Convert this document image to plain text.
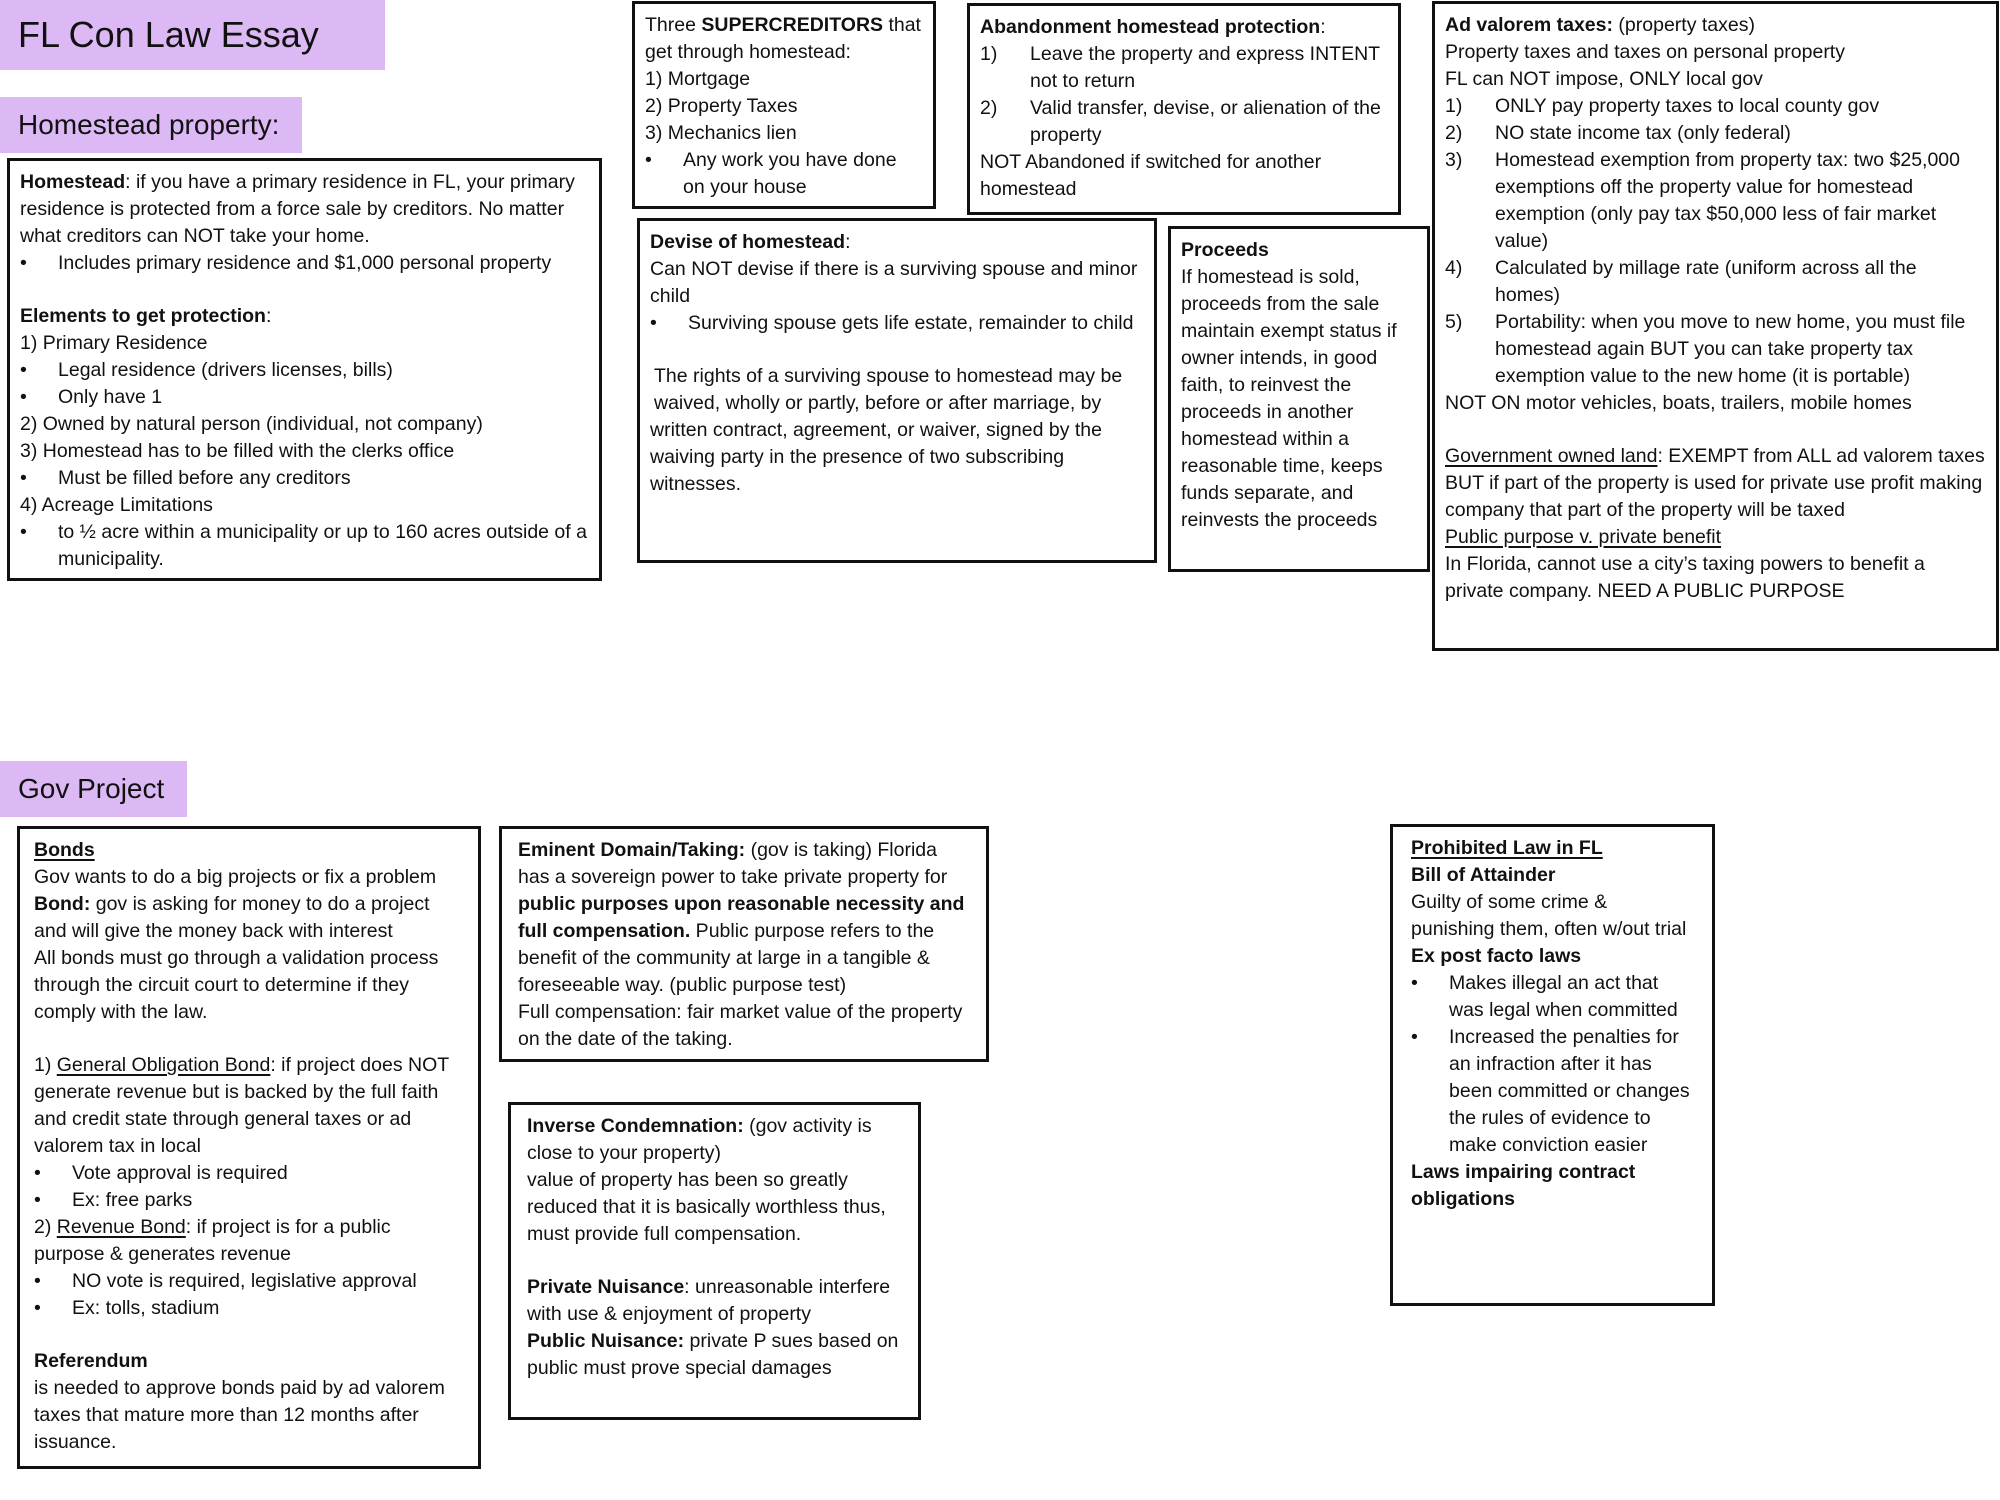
FL Con Law Essay
Homestead property:
Gov Project

Homestead: if you have a primary residence in FL, your primary residence is protected from a force sale by creditors. No matter what creditors can NOT take your home.

• Includes primary residence and $1,000 personal property

Elements to get protection:

1) Primary Residence

• Legal residence (drivers licenses, bills)

• Only have 1

2) Owned by natural person (individual, not company)

3) Homestead has to be filled with the clerks office

• Must be filled before any creditors

4) Acreage Limitations

• to ½ acre within a municipality or up to 160 acres outside of a municipality.

Three SUPERCREDITORS that get through homestead:

1) Mortgage

2) Property Taxes

3) Mechanics lien

• Any work you have done on your house

Abandonment homestead protection:

1) Leave the property and express INTENT not to return

2) Valid transfer, devise, or alienation of the property

NOT Abandoned if switched for another homestead

Devise of homestead:

Can NOT devise if there is a surviving spouse and minor child

• Surviving spouse gets life estate, remainder to child

The rights of a surviving spouse to homestead may be waived, wholly or partly, before or after marriage, by

written contract, agreement, or waiver, signed by the waiving party in the presence of two subscribing witnesses.

Proceeds

If homestead is sold, proceeds from the sale maintain exempt status if owner intends, in good faith, to reinvest the proceeds in another homestead within a reasonable time, keeps funds separate, and reinvests the proceeds

Ad valorem taxes: (property taxes)

Property taxes and taxes on personal property

FL can NOT impose, ONLY local gov

1) ONLY pay property taxes to local county gov

2) NO state income tax (only federal)

3) Homestead exemption from property tax: two $25,000 exemptions off the property value for homestead exemption (only pay tax $50,000 less of fair market value)

4) Calculated by millage rate (uniform across all the homes)

5) Portability: when you move to new home, you must file homestead again BUT you can take property tax exemption value to the new home (it is portable)

NOT ON motor vehicles, boats, trailers, mobile homes

Government owned land: EXEMPT from ALL ad valorem taxes BUT if part of the property is used for private use profit making company that part of the property will be taxed

Public purpose v. private benefit

In Florida, cannot use a city’s taxing powers to benefit a private company. NEED A PUBLIC PURPOSE

Bonds

Gov wants to do a big projects or fix a problem

Bond: gov is asking for money to do a project and will give the money back with interest

All bonds must go through a validation process through the circuit court to determine if they comply with the law.

1) General Obligation Bond: if project does NOT generate revenue but is backed by the full faith and credit state through general taxes or ad valorem tax in local

• Vote approval is required

• Ex: free parks

2) Revenue Bond: if project is for a public purpose & generates revenue

• NO vote is required, legislative approval

• Ex: tolls, stadium

Referendum

is needed to approve bonds paid by ad valorem taxes that mature more than 12 months after issuance.

Eminent Domain/Taking: (gov is taking) Florida has a sovereign power to take private property for public purposes upon reasonable necessity and full compensation. Public purpose refers to the benefit of the community at large in a tangible & foreseeable way. (public purpose test)

Full compensation: fair market value of the property on the date of the taking.

Inverse Condemnation: (gov activity is close to your property)

value of property has been so greatly reduced that it is basically worthless thus, must provide full compensation.

Private Nuisance: unreasonable interfere with use & enjoyment of property

Public Nuisance: private P sues based on public must prove special damages

Prohibited Law in FL

Bill of Attainder

Guilty of some crime & punishing them, often w/out trial

Ex post facto laws

• Makes illegal an act that was legal when committed

• Increased the penalties for an infraction after it has been committed or changes the rules of evidence to make conviction easier

Laws impairing contract obligations
